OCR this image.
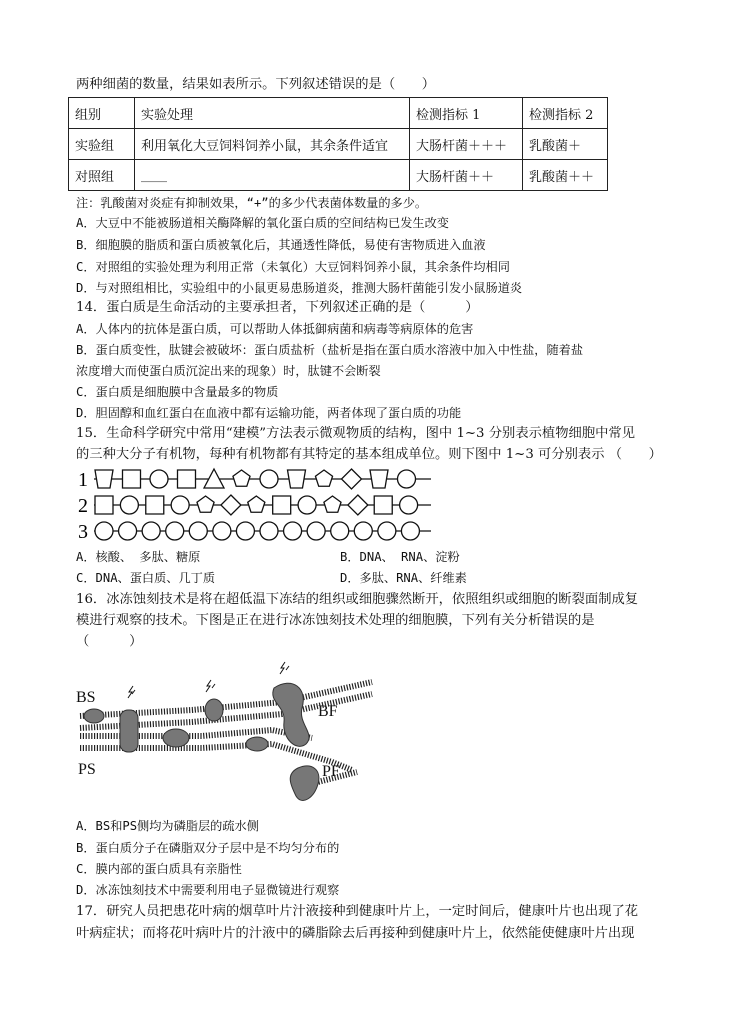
两种细菌的数量，结果如表所示。下列叙述错误的是（　　）
组别	实验处理	检测指标 1	检测指标 2
实验组	利用氧化大豆饲料饲养小鼠，其余条件适宜	大肠杆菌＋＋＋	乳酸菌＋
对照组	____	大肠杆菌＋＋	乳酸菌＋＋
注：乳酸菌对炎症有抑制效果，“+”的多少代表菌体数量的多少。
A．大豆中不能被肠道相关酶降解的氧化蛋白质的空间结构已发生改变
B．细胞膜的脂质和蛋白质被氧化后，其通透性降低，易使有害物质进入血液
C．对照组的实验处理为利用正常（未氧化）大豆饲料饲养小鼠，其余条件均相同
D．与对照组相比，实验组中的小鼠更易患肠道炎，推测大肠杆菌能引发小鼠肠道炎
14．蛋白质是生命活动的主要承担者，下列叙述正确的是（　　　）
A．人体内的抗体是蛋白质，可以帮助人体抵御病菌和病毒等病原体的危害
B．蛋白质变性，肽键会被破坏：蛋白质盐析（盐析是指在蛋白质水溶液中加入中性盐，随着盐
浓度增大而使蛋白质沉淀出来的现象）时，肽键不会断裂
C．蛋白质是细胞膜中含量最多的物质
D．胆固醇和血红蛋白在血液中都有运输功能，两者体现了蛋白质的功能
15．生命科学研究中常用“建模”方法表示微观物质的结构，图中 1~3 分别表示植物细胞中常见
的三种大分子有机物，每种有机物都有其特定的基本组成单位。则下图中 1~3 可分别表示 （　　）
1
2
3
A．核酸、 多肽、糖原	B．DNA、 RNA、淀粉
C．DNA、蛋白质、几丁质	D．多肽、RNA、纤维素
16．冰冻蚀刻技术是将在超低温下冻结的组织或细胞骤然断开，依照组织或细胞的断裂面制成复
模进行观察的技术。下图是正在进行冰冻蚀刻技术处理的细胞膜，下列有关分析错误的是
（　　　）
BS
PS
BF
PF
A．BS和PS侧均为磷脂层的疏水侧
B．蛋白质分子在磷脂双分子层中是不均匀分布的
C．膜内部的蛋白质具有亲脂性
D．冰冻蚀刻技术中需要利用电子显微镜进行观察
17．研究人员把患花叶病的烟草叶片汁液接种到健康叶片上，一定时间后，健康叶片也出现了花
叶病症状；而将花叶病叶片的汁液中的磷脂除去后再接种到健康叶片上，依然能使健康叶片出现
